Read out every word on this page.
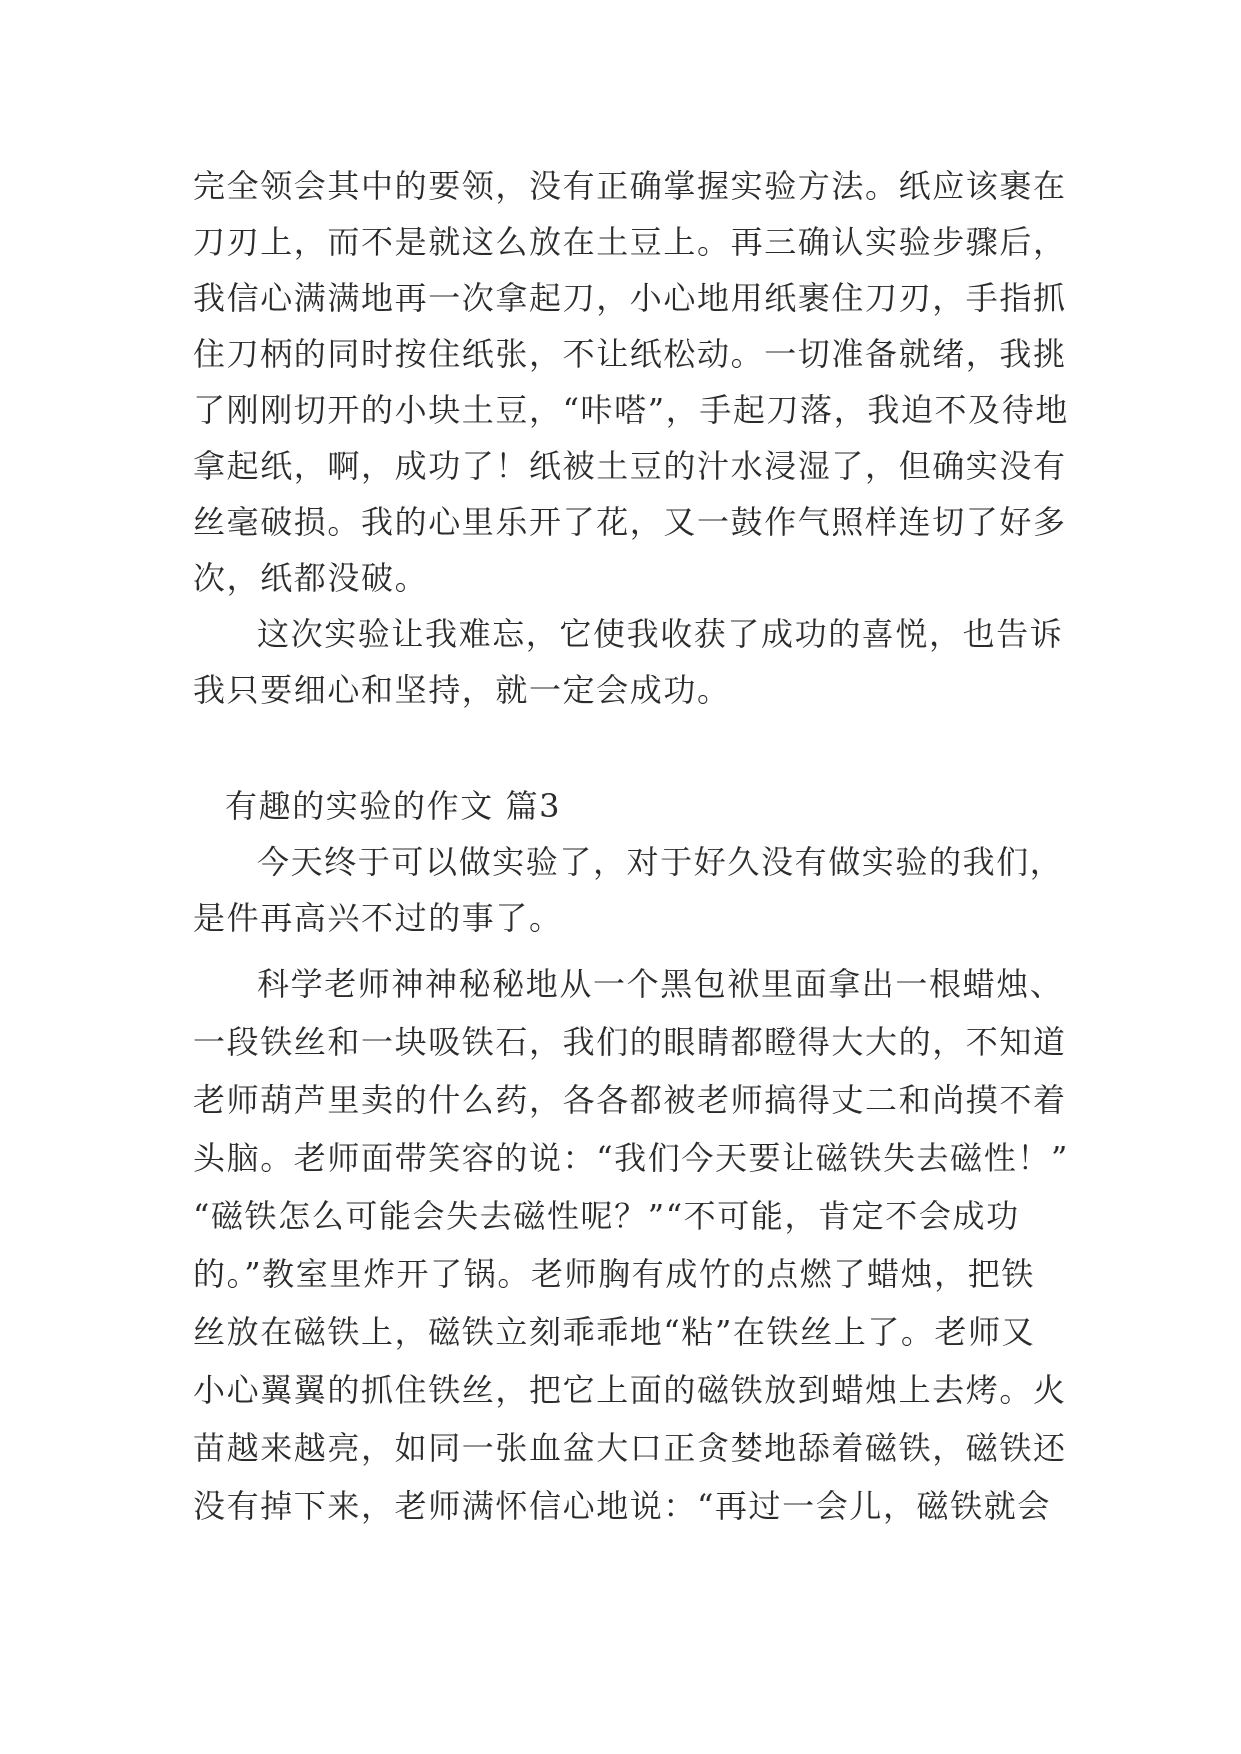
完全领会其中的要领，没有正确掌握实验方法。纸应该裹在
刀刃上，而不是就这么放在土豆上。再三确认实验步骤后，
我信心满满地再一次拿起刀，小心地用纸裹住刀刃，手指抓
住刀柄的同时按住纸张，不让纸松动。一切准备就绪，我挑
了刚刚切开的小块土豆，“咔嗒”，手起刀落，我迫不及待地
拿起纸，啊，成功了！纸被土豆的汁水浸湿了，但确实没有
丝毫破损。我的心里乐开了花，又一鼓作气照样连切了好多
次，纸都没破。
这次实验让我难忘，它使我收获了成功的喜悦，也告诉
我只要细心和坚持，就一定会成功。
有趣的实验的作文 篇3
今天终于可以做实验了，对于好久没有做实验的我们，
是件再高兴不过的事了。
科学老师神神秘秘地从一个黑包袱里面拿出一根蜡烛、
一段铁丝和一块吸铁石，我们的眼睛都瞪得大大的，不知道
老师葫芦里卖的什么药，各各都被老师搞得丈二和尚摸不着
头脑。老师面带笑容的说：“我们今天要让磁铁失去磁性！”
“磁铁怎么可能会失去磁性呢？”“不可能，肯定不会成功
的。”教室里炸开了锅。老师胸有成竹的点燃了蜡烛，把铁
丝放在磁铁上，磁铁立刻乖乖地“粘”在铁丝上了。老师又
小心翼翼的抓住铁丝，把它上面的磁铁放到蜡烛上去烤。火
苗越来越亮，如同一张血盆大口正贪婪地舔着磁铁，磁铁还
没有掉下来，老师满怀信心地说：“再过一会儿，磁铁就会
